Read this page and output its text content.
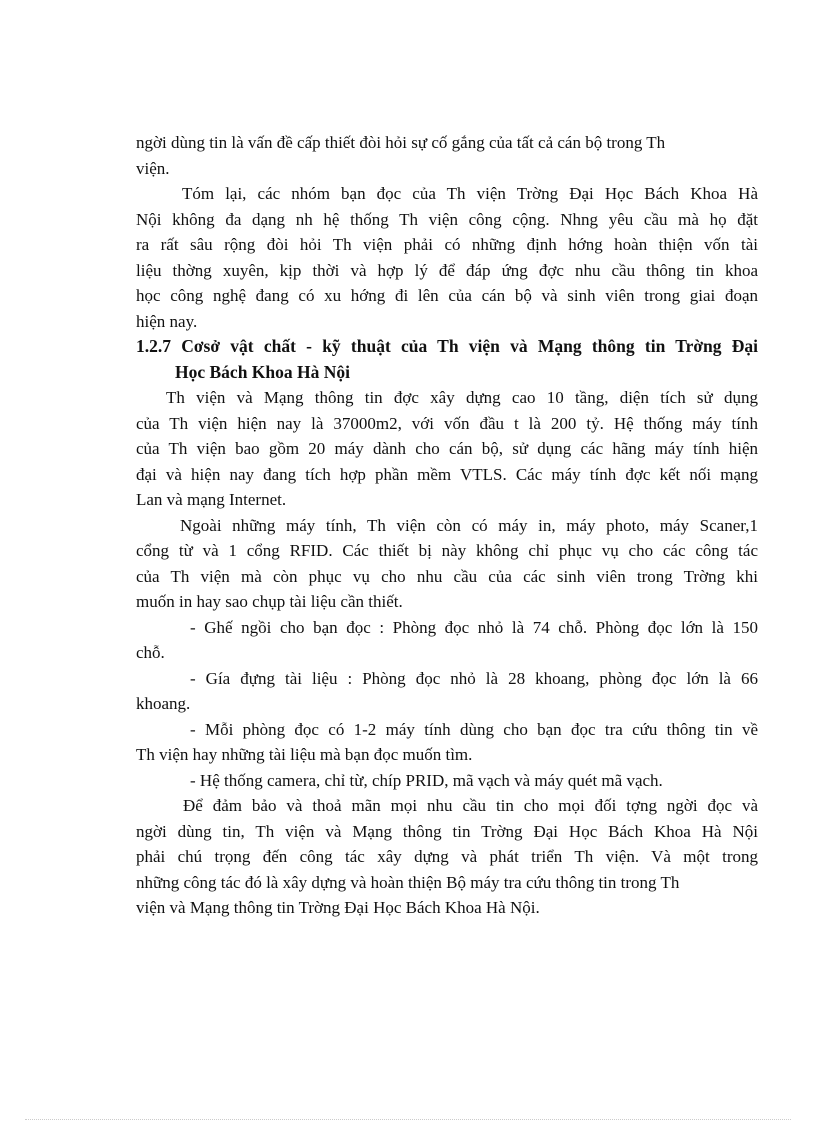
ngời dùng tin là vấn đề cấp thiết đòi hỏi sự cố gắng của tất cả cán bộ trong Th
viện.
Tóm lại, các nhóm bạn đọc của Th viện Trờng Đại Học Bách Khoa Hà
Nội không đa dạng nh hệ thống Th viện công cộng. Nhng yêu cầu mà họ đặt
ra rất sâu rộng đòi hỏi Th viện phải có những định hớng hoàn thiện vốn tài
liệu thờng xuyên, kịp thời và hợp lý để đáp ứng đợc nhu cầu thông tin khoa
học công nghệ đang có xu hớng đi lên của cán bộ và sinh viên trong giai đoạn
hiện nay.
1.2.7 Cơsở vật chất - kỹ thuật của Th viện và Mạng thông tin Trờng Đại
Học Bách Khoa Hà Nội
Th viện và Mạng thông tin đợc xây dựng cao 10 tầng, diện tích sử dụng
của Th viện hiện nay là 37000m2, với vốn đầu t là 200 tỷ. Hệ thống máy tính
của Th viện bao gồm 20 máy dành cho cán bộ, sử dụng các hãng máy tính hiện
đại và hiện nay đang tích hợp phần mềm VTLS. Các máy tính đợc kết nối mạng
Lan và mạng Internet.
Ngoài những máy tính, Th viện còn có máy in, máy photo, máy Scaner,1
cổng từ và 1 cổng RFID. Các thiết bị này không chỉ phục vụ cho các công tác
của Th viện mà còn phục vụ cho nhu cầu của các sinh viên trong Trờng khi
muốn in hay sao chụp tài liệu cần thiết.
- Ghế ngồi cho bạn đọc : Phòng đọc nhỏ là 74 chỗ. Phòng đọc lớn là 150
chỗ.
- Gía đựng tài liệu : Phòng đọc nhỏ là 28 khoang, phòng đọc lớn là 66
khoang.
- Mỗi phòng đọc có 1-2 máy tính dùng cho bạn đọc tra cứu thông tin về
Th viện hay những tài liệu mà bạn đọc muốn tìm.
- Hệ thống camera, chỉ từ, chíp PRID, mã vạch và máy quét mã vạch.
Để đảm bảo và thoả mãn mọi nhu cầu tin cho mọi đối tợng ngời đọc và
ngời dùng tin, Th viện và Mạng thông tin Trờng Đại Học Bách Khoa Hà Nội
phải chú trọng đến công tác xây dựng và phát triển Th viện. Và một trong
những công tác đó là xây dựng và hoàn thiện Bộ máy tra cứu thông tin trong Th
viện và Mạng thông tin Trờng Đại Học Bách Khoa Hà Nội.
